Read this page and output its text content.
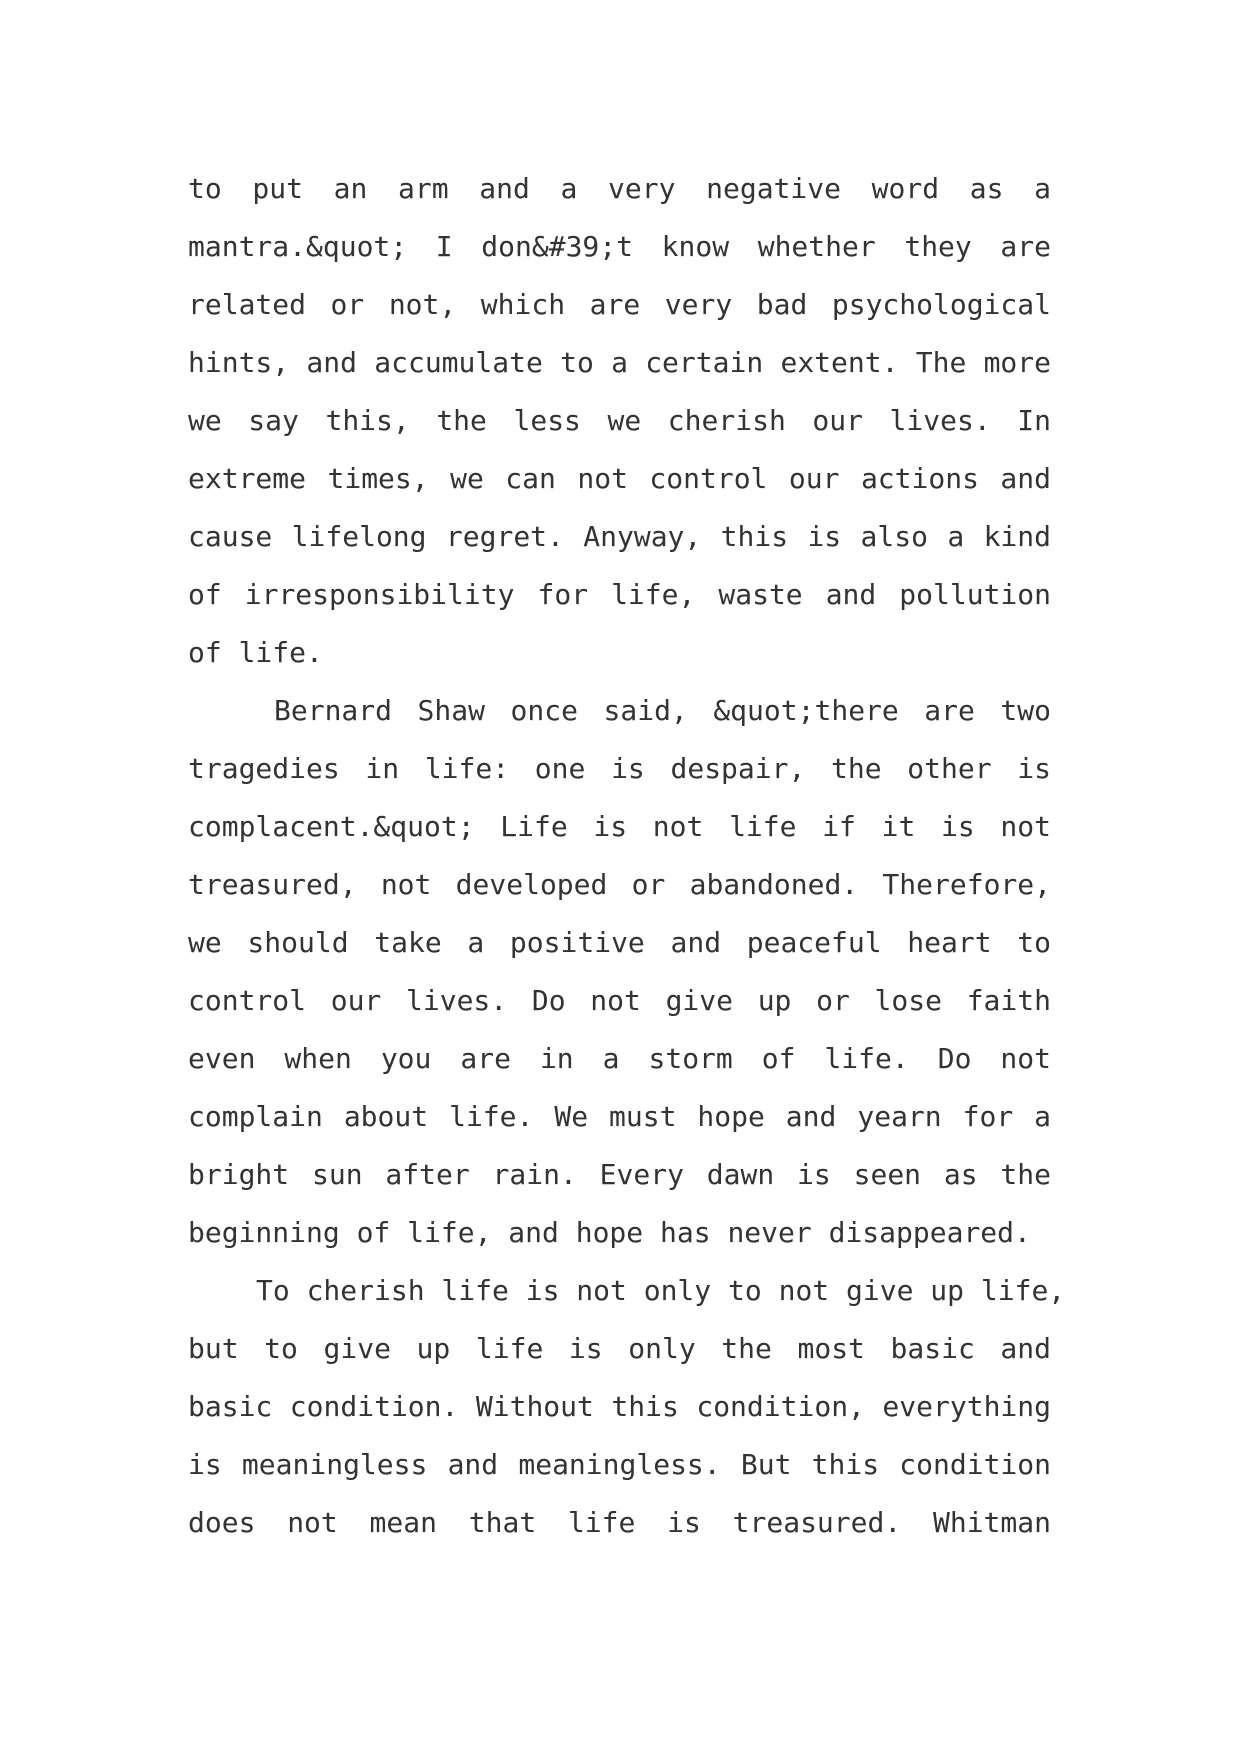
to put an arm and a very negative word as a
mantra.&quot; I don&#39;t know whether they are
related or not, which are very bad psychological
hints, and accumulate to a certain extent. The more
we say this, the less we cherish our lives. In
extreme times, we can not control our actions and
cause lifelong regret. Anyway, this is also a kind
of irresponsibility for life, waste and pollution
of life.
Bernard Shaw once said, &quot;there are two
tragedies in life: one is despair, the other is
complacent.&quot; Life is not life if it is not
treasured, not developed or abandoned. Therefore,
we should take a positive and peaceful heart to
control our lives. Do not give up or lose faith
even when you are in a storm of life. Do not
complain about life. We must hope and yearn for a
bright sun after rain. Every dawn is seen as the
beginning of life, and hope has never disappeared.
To cherish life is not only to not give up life,
but to give up life is only the most basic and
basic condition. Without this condition, everything
is meaningless and meaningless. But this condition
does not mean that life is treasured. Whitman
